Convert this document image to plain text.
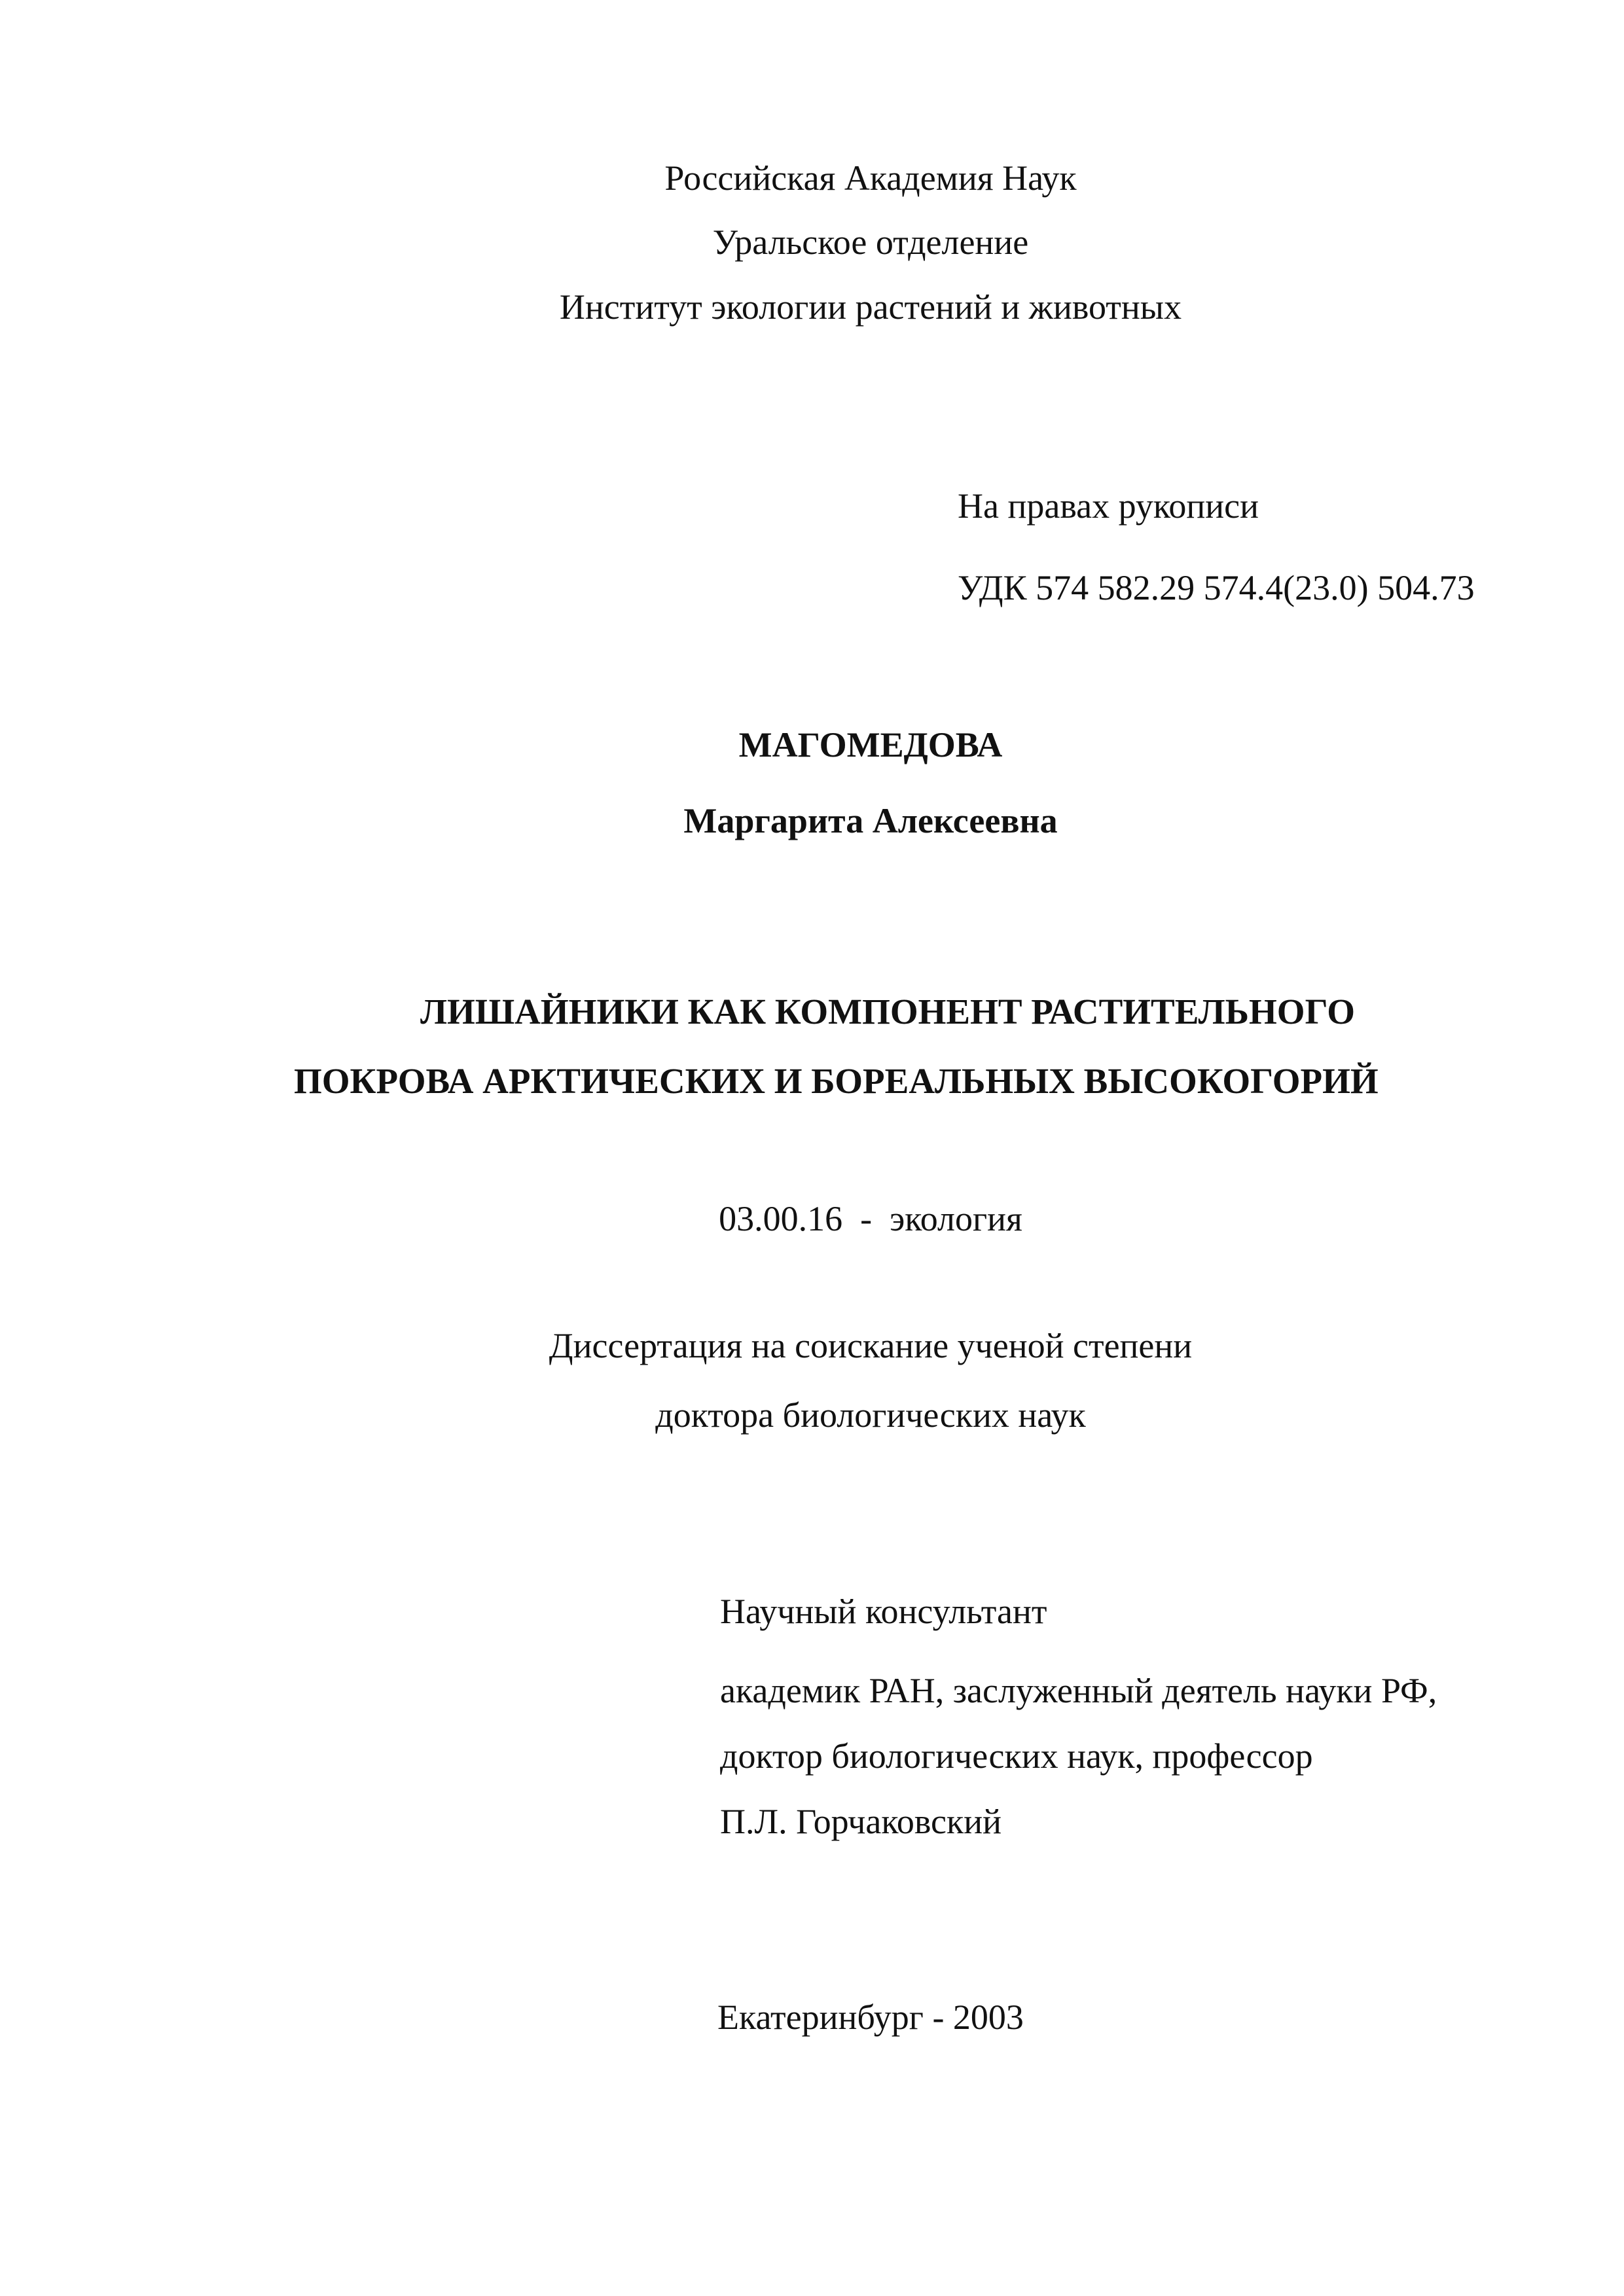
Российская Академия Наук
Уральское отделение
Институт экологии растений и животных
На правах рукописи
УДК 574 582.29 574.4(23.0) 504.73
МАГОМЕДОВА
Маргарита Алексеевна
ЛИШАЙНИКИ КАК КОМПОНЕНТ РАСТИТЕЛЬНОГО
ПОКРОВА АРКТИЧЕСКИХ И БОРЕАЛЬНЫХ ВЫСОКОГОРИЙ
03.00.16  -  экология
Диссертация на соискание ученой степени
доктора биологических наук
Научный консультант
академик РАН, заслуженный деятель науки РФ,
доктор биологических наук, профессор
П.Л. Горчаковский
Екатеринбург - 2003
